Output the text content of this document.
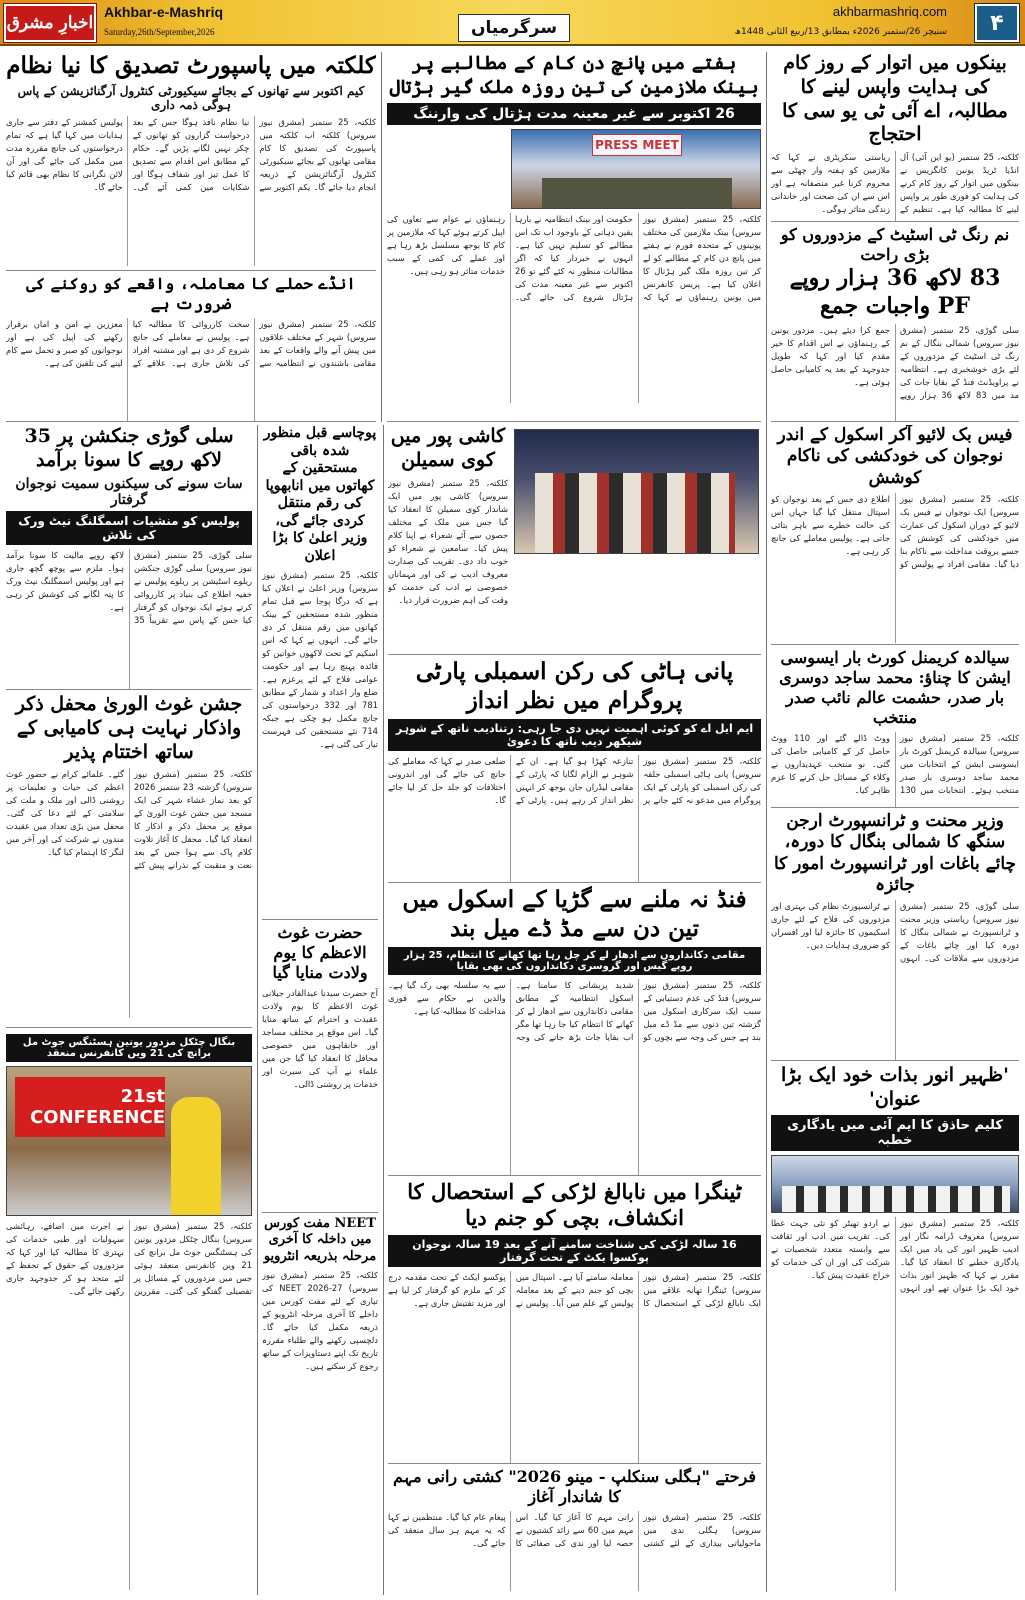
اخبارِ مشرق
Akhbar-e-Mashriq
Saturday,26th/September,2026	سرگرمیاں
akhbarmashriq.com
سنیچر 26/ستمبر 2026ء بمطابق 13/ربیع الثانی 1448ھ	۴
کلکتہ میں پاسپورٹ تصدیق کا نیا نظام
کیم اکتوبر سے تھانوں کے بجائے سیکیورٹی کنٹرول آرگنائزیشن کے پاس ہوگی ذمہ داری
کلکتہ، 25 ستمبر (مشرق نیوز سروس) کلکتہ اب کلکتہ میں پاسپورٹ کی تصدیق کا کام مقامی تھانوں کے بجائے سیکیورٹی کنٹرول آرگنائزیشن کے ذریعہ انجام دیا جائے گا۔ یکم اکتوبر سے نیا نظام نافذ ہوگا جس کے بعد درخواست گزاروں کو تھانوں کے چکر نہیں لگانے پڑیں گے۔ حکام کے مطابق اس اقدام سے تصدیق کا عمل تیز اور شفاف ہوگا اور شکایات میں کمی آئے گی۔ پولیس کمشنر کے دفتر سے جاری ہدایات میں کہا گیا ہے کہ تمام درخواستوں کی جانچ مقررہ مدت میں مکمل کی جائے گی اور آن لائن نگرانی کا نظام بھی قائم کیا جائے گا۔
انڈے حملے کا معاملہ، واقعے کو روکنے کی ضرورت ہے
کلکتہ، 25 ستمبر (مشرق نیوز سروس) شہر کے مختلف علاقوں میں پیش آنے والے واقعات کے بعد مقامی باشندوں نے انتظامیہ سے سخت کارروائی کا مطالبہ کیا ہے۔ پولیس نے معاملے کی جانچ شروع کر دی ہے اور مشتبہ افراد کی تلاش جاری ہے۔ علاقے کے معززین نے امن و امان برقرار رکھنے کی اپیل کی ہے اور نوجوانوں کو صبر و تحمل سے کام لینے کی تلقین کی ہے۔
ہفتے میں پانچ دن کام کے مطالبے پر بینک ملازمین کی تین روزہ ملک گیر ہڑتال
26 اکتوبر سے غیر معینہ مدت ہڑتال کی وارننگ
PRESS MEET
کلکتہ، 25 ستمبر (مشرق نیوز سروس) بینک ملازمین کی مختلف یونینوں کے متحدہ فورم نے ہفتے میں پانچ دن کام کے مطالبے کو لے کر تین روزہ ملک گیر ہڑتال کا اعلان کیا ہے۔ پریس کانفرنس میں یونین رہنماؤں نے کہا کہ حکومت اور بینک انتظامیہ نے بارہا یقین دہانی کے باوجود اب تک اس مطالبے کو تسلیم نہیں کیا ہے۔ انہوں نے خبردار کیا کہ اگر مطالبات منظور نہ کئے گئے تو 26 اکتوبر سے غیر معینہ مدت کی ہڑتال شروع کی جائے گی۔ رہنماؤں نے عوام سے تعاون کی اپیل کرتے ہوئے کہا کہ ملازمین پر کام کا بوجھ مسلسل بڑھ رہا ہے اور عملے کی کمی کے سبب خدمات متاثر ہو رہی ہیں۔
بینکوں میں اتوار کے روز کام کی ہدایت واپس لینے کا مطالبہ، اے آئی ٹی یو سی کا احتجاج
کلکتہ، 25 ستمبر (یو این آئی) آل انڈیا ٹریڈ یونین کانگریس نے بینکوں میں اتوار کے روز کام کرنے کی ہدایت کو فوری طور پر واپس لینے کا مطالبہ کیا ہے۔ تنظیم کے ریاستی سکریٹری نے کہا کہ ملازمین کو ہفتہ وار چھٹی سے محروم کرنا غیر منصفانہ ہے اور اس سے ان کی صحت اور خاندانی زندگی متاثر ہوگی۔
نم رنگ ٹی اسٹیٹ کے مزدوروں کو بڑی راحت
83 لاکھ 36 ہزار روپے PF واجبات جمع
سلی گوڑی، 25 ستمبر (مشرق نیوز سروس) شمالی بنگال کے نم رنگ ٹی اسٹیٹ کے مزدوروں کے لئے بڑی خوشخبری ہے۔ انتظامیہ نے پراویڈنٹ فنڈ کے بقایا جات کی مد میں 83 لاکھ 36 ہزار روپے جمع کرا دیئے ہیں۔ مزدور یونین کے رہنماؤں نے اس اقدام کا خیر مقدم کیا اور کہا کہ طویل جدوجہد کے بعد یہ کامیابی حاصل ہوئی ہے۔
سلی گوڑی جنکشن پر 35 لاکھ روپے کا سونا برآمد
سات سونے کی سیکنوں سمیت نوجوان گرفتار
پولیس کو منشیات اسمگلنگ نیٹ ورک کی تلاش
سلی گوڑی، 25 ستمبر (مشرق نیوز سروس) سلی گوڑی جنکشن ریلوے اسٹیشن پر ریلوے پولیس نے خفیہ اطلاع کی بنیاد پر کارروائی کرتے ہوئے ایک نوجوان کو گرفتار کیا جس کے پاس سے تقریباً 35 لاکھ روپے مالیت کا سونا برآمد ہوا۔ ملزم سے پوچھ گچھ جاری ہے اور پولیس اسمگلنگ نیٹ ورک کا پتہ لگانے کی کوشش کر رہی ہے۔
جشن غوث الوریٰ محفل ذکر واذکار نہایت ہی کامیابی کے ساتھ اختتام پذیر
کلکتہ، 25 ستمبر (مشرق نیوز سروس) گزشتہ 23 ستمبر 2026 کو بعد نماز عشاء شہر کی ایک مسجد میں جشن غوث الوریٰ کے موقع پر محفل ذکر و اذکار کا انعقاد کیا گیا۔ محفل کا آغاز تلاوت کلام پاک سے ہوا جس کے بعد نعت و منقبت کے نذرانے پیش کئے گئے۔ علمائے کرام نے حضور غوث اعظم کی حیات و تعلیمات پر روشنی ڈالی اور ملک و ملت کی سلامتی کے لئے دعا کی گئی۔ محفل میں بڑی تعداد میں عقیدت مندوں نے شرکت کی اور آخر میں لنگر کا اہتمام کیا گیا۔
بنگال چٹکل مزدور یونین ہسٹنگس جوٹ مل برانچ کی 21 ویں کانفرنس منعقد
21st CONFERENCE
کلکتہ، 25 ستمبر (مشرق نیوز سروس) بنگال چٹکل مزدور یونین کی ہسٹنگس جوٹ مل برانچ کی 21 ویں کانفرنس منعقد ہوئی جس میں مزدوروں کے مسائل پر تفصیلی گفتگو کی گئی۔ مقررین نے اجرت میں اضافے، رہائشی سہولیات اور طبی خدمات کی بہتری کا مطالبہ کیا اور کہا کہ مزدوروں کے حقوق کے تحفظ کے لئے متحد ہو کر جدوجہد جاری رکھی جائے گی۔
پوچاسے قبل منظور شدہ باقی مستحقین کے کھاتوں میں انابھوپا کی رقم منتقل کردی جائے گی، وزیر اعلیٰ کا بڑا اعلان
کلکتہ، 25 ستمبر (مشرق نیوز سروس) وزیر اعلیٰ نے اعلان کیا ہے کہ درگا پوجا سے قبل تمام منظور شدہ مستحقین کے بینک کھاتوں میں رقم منتقل کر دی جائے گی۔ انہوں نے کہا کہ اس اسکیم کے تحت لاکھوں خواتین کو فائدہ پہنچ رہا ہے اور حکومت عوامی فلاح کے لئے پرعزم ہے۔ ضلع وار اعداد و شمار کے مطابق 781 اور 332 درخواستوں کی جانچ مکمل ہو چکی ہے جبکہ 714 نئے مستحقین کی فہرست تیار کی گئی ہے۔
حضرت غوث الاعظم کا یوم ولادت منایا گیا
آج حضرت سیدنا عبدالقادر جیلانی غوث الاعظم کا یوم ولادت عقیدت و احترام کے ساتھ منایا گیا۔ اس موقع پر مختلف مساجد اور خانقاہوں میں خصوصی محافل کا انعقاد کیا گیا جن میں علماء نے آپ کی سیرت اور خدمات پر روشنی ڈالی۔
NEET مفت کورس میں داخلہ کا آخری مرحلہ بذریعہ انٹرویو
کلکتہ، 25 ستمبر (مشرق نیوز سروس) NEET 2026-27 کی تیاری کے لئے مفت کورس میں داخلے کا آخری مرحلہ انٹرویو کے ذریعہ مکمل کیا جائے گا۔ دلچسپی رکھنے والے طلباء مقررہ تاریخ تک اپنے دستاویزات کے ساتھ رجوع کر سکتے ہیں۔
کاشی پور میں کوی سمیلن
کلکتہ، 25 ستمبر (مشرق نیوز سروس) کاشی پور میں ایک شاندار کوی سمیلن کا انعقاد کیا گیا جس میں ملک کے مختلف حصوں سے آئے شعراء نے اپنا کلام پیش کیا۔ سامعین نے شعراء کو خوب داد دی۔ تقریب کی صدارت معروف ادیب نے کی اور مہمانان خصوصی نے ادب کی خدمت کو وقت کی اہم ضرورت قرار دیا۔
پانی ہاٹی کی رکن اسمبلی پارٹی پروگرام میں نظر انداز
ایم ایل اے کو کوئی اہمیت نہیں دی جا رہی: رتنادیب ناتھ کے شوہر شیکھر دیب ناتھ کا دعویٰ
کلکتہ، 25 ستمبر (مشرق نیوز سروس) پانی ہاٹی اسمبلی حلقہ کی رکن اسمبلی کو پارٹی کے ایک پروگرام میں مدعو نہ کئے جانے پر تنازعہ کھڑا ہو گیا ہے۔ ان کے شوہر نے الزام لگایا کہ پارٹی کے مقامی لیڈران جان بوجھ کر انہیں نظر انداز کر رہے ہیں۔ پارٹی کے ضلعی صدر نے کہا کہ معاملے کی جانچ کی جائے گی اور اندرونی اختلافات کو جلد حل کر لیا جائے گا۔
فنڈ نہ ملنے سے گڑیا کے اسکول میں تین دن سے مڈ ڈے میل بند
مقامی دکانداروں سے ادھار لے کر چل رہا تھا کھانے کا انتظام، 25 ہزار روپے گیس اور گروسری دکانداروں کی بھی بقایا
کلکتہ، 25 ستمبر (مشرق نیوز سروس) فنڈ کی عدم دستیابی کے سبب ایک سرکاری اسکول میں گزشتہ تین دنوں سے مڈ ڈے میل بند ہے جس کی وجہ سے بچوں کو شدید پریشانی کا سامنا ہے۔ اسکول انتظامیہ کے مطابق مقامی دکانداروں سے ادھار لے کر کھانے کا انتظام کیا جا رہا تھا مگر اب بقایا جات بڑھ جانے کی وجہ سے یہ سلسلہ بھی رک گیا ہے۔ والدین نے حکام سے فوری مداخلت کا مطالبہ کیا ہے۔
ٹینگرا میں نابالغ لڑکی کے استحصال کا انکشاف، بچی کو جنم دیا
16 سالہ لڑکی کی شناخت سامنے آنے کے بعد 19 سالہ نوجوان پوکسوا یکٹ کے تحت گرفتار
کلکتہ، 25 ستمبر (مشرق نیوز سروس) ٹینگرا تھانہ علاقے میں ایک نابالغ لڑکی کے استحصال کا معاملہ سامنے آیا ہے۔ اسپتال میں بچی کو جنم دینے کے بعد معاملہ پولیس کے علم میں آیا۔ پولیس نے پوکسو ایکٹ کے تحت مقدمہ درج کر کے ملزم کو گرفتار کر لیا ہے اور مزید تفتیش جاری ہے۔
فرحتے "ہگلی سنکلپ - مینو 2026" کشتی رانی مہم کا شاندار آغاز
کلکتہ، 25 ستمبر (مشرق نیوز سروس) ہگلی ندی میں ماحولیاتی بیداری کے لئے کشتی رانی مہم کا آغاز کیا گیا۔ اس مہم میں 60 سے زائد کشتیوں نے حصہ لیا اور ندی کی صفائی کا پیغام عام کیا گیا۔ منتظمین نے کہا کہ یہ مہم ہر سال منعقد کی جائے گی۔
فیس بک لائیو آکر اسکول کے اندر نوجوان کی خودکشی کی ناکام کوشش
کلکتہ، 25 ستمبر (مشرق نیوز سروس) ایک نوجوان نے فیس بک لائیو کے دوران اسکول کی عمارت میں خودکشی کی کوشش کی جسے بروقت مداخلت سے ناکام بنا دیا گیا۔ مقامی افراد نے پولیس کو اطلاع دی جس کے بعد نوجوان کو اسپتال منتقل کیا گیا جہاں اس کی حالت خطرے سے باہر بتائی جاتی ہے۔ پولیس معاملے کی جانچ کر رہی ہے۔
سیالدہ کریمنل کورٹ بار ایسوسی ایشن کا چناؤ: محمد ساجد دوسری بار صدر، حشمت عالم نائب صدر منتخب
کلکتہ، 25 ستمبر (مشرق نیوز سروس) سیالدہ کریمنل کورٹ بار ایسوسی ایشن کے انتخابات میں محمد ساجد دوسری بار صدر منتخب ہوئے۔ انتخابات میں 130 ووٹ ڈالے گئے اور 110 ووٹ حاصل کر کے کامیابی حاصل کی گئی۔ نو منتخب عہدیداروں نے وکلاء کے مسائل حل کرنے کا عزم ظاہر کیا۔
وزیر محنت و ٹرانسپورٹ ارجن سنگھ کا شمالی بنگال کا دورہ، چائے باغات اور ٹرانسپورٹ امور کا جائزہ
سلی گوڑی، 25 ستمبر (مشرق نیوز سروس) ریاستی وزیر محنت و ٹرانسپورٹ نے شمالی بنگال کا دورہ کیا اور چائے باغات کے مزدوروں سے ملاقات کی۔ انہوں نے ٹرانسپورٹ نظام کی بہتری اور مزدوروں کی فلاح کے لئے جاری اسکیموں کا جائزہ لیا اور افسران کو ضروری ہدایات دیں۔
'ظہیر انور بذات خود ایک بڑا عنوان'
کلیم حاذق کا ایم آئی میں یادگاری خطبہ
کلکتہ، 25 ستمبر (مشرق نیوز سروس) معروف ڈرامہ نگار اور ادیب ظہیر انور کی یاد میں ایک یادگاری خطبے کا انعقاد کیا گیا۔ مقرر نے کہا کہ ظہیر انور بذات خود ایک بڑا عنوان تھے اور انہوں نے اردو تھیٹر کو نئی جہت عطا کی۔ تقریب میں ادب اور ثقافت سے وابستہ متعدد شخصیات نے شرکت کی اور ان کی خدمات کو خراج عقیدت پیش کیا۔
